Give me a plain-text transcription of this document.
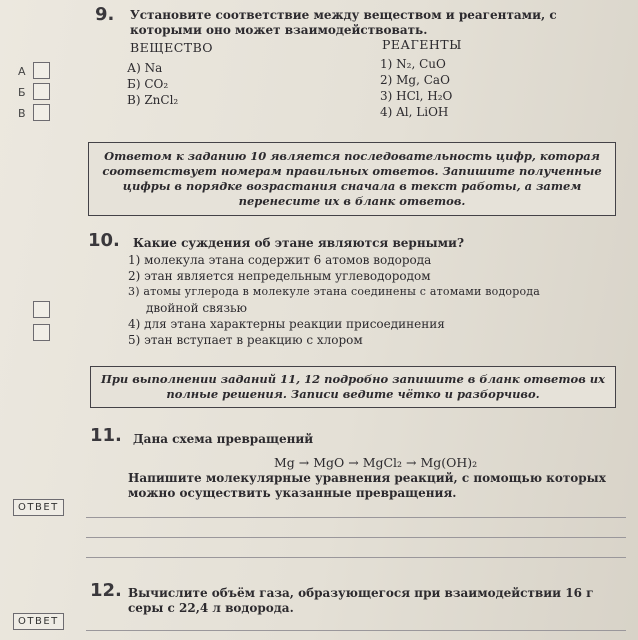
9. Установите соответствие между веществом и реагентами, с которыми оно может взаимодействовать.
ВЕЩЕСТВО	РЕАГЕНТЫ
А) Na
Б) CO₂
В) ZnCl₂
1) N₂, CuO
2) Mg, CaO
3) HCl, H₂O
4) Al, LiOH
А
Б
В
Ответом к заданию 10 является последовательность цифр, которая соответствует номерам правильных ответов. Запишите полученные цифры в порядке возрастания сначала в текст работы, а затем перенесите их в бланк ответов.
10. Какие суждения об этане являются верными?
1) молекула этана содержит 6 атомов водорода
2) этан является непредельным углеводородом
3) атомы углерода в молекуле этана соединены с атомами водорода
двойной связью
4) для этана характерны реакции присоединения
5) этан вступает в реакцию с хлором
При выполнении заданий 11, 12 подробно запишите в бланк ответов их полные решения. Записи ведите чётко и разборчиво.
11. Дана схема превращений
Mg → MgO → MgCl₂ → Mg(OH)₂
Напишите молекулярные уравнения реакций, с помощью которых можно осуществить указанные превращения.
ОТВЕТ
12. Вычислите объём газа, образующегося при взаимодействии 16 г серы с 22,4 л водорода.
ОТВЕТ
